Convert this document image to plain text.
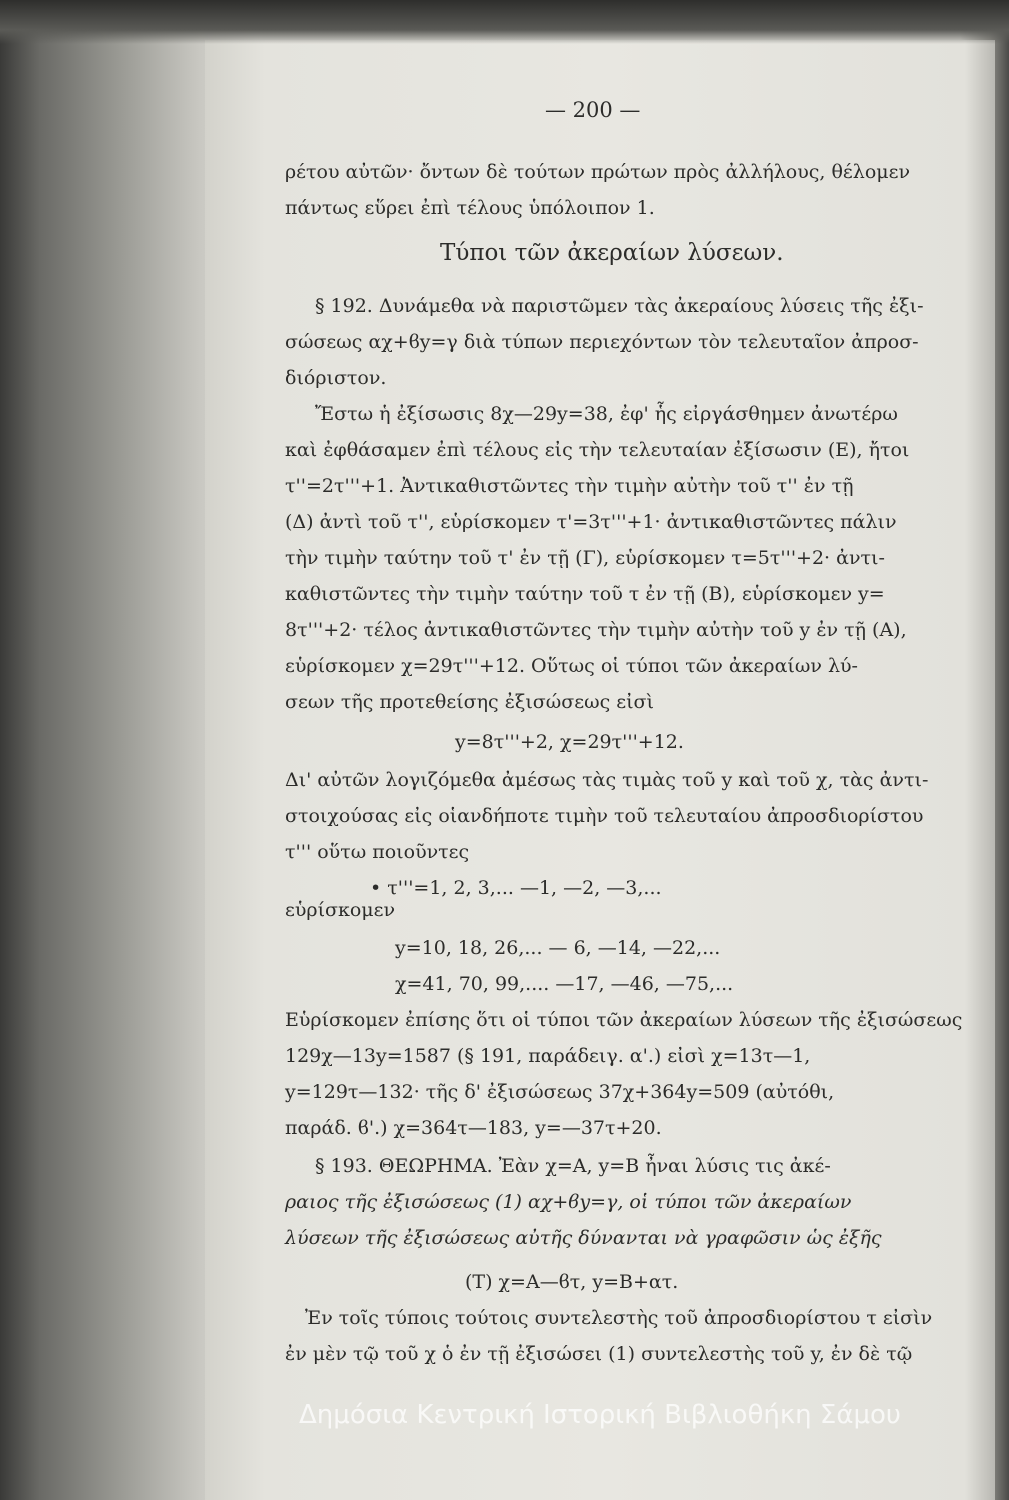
— 200 —
ρέτου αὐτῶν· ὄντων δὲ τούτων πρώτων πρὸς ἀλλήλους, θέλομεν
πάντως εὕρει ἐπὶ τέλους ὑπόλοιπον 1.
Τύποι τῶν ἀκεραίων λύσεων.
§ 192. Δυνάμεθα νὰ παριστῶμεν τὰς ἀκεραίους λύσεις τῆς ἐξι-
σώσεως αχ+ϐy=γ διὰ τύπων περιεχόντων τὸν τελευταῖον ἀπροσ-
διόριστον.
Ἔστω ἡ ἐξίσωσις 8χ—29y=38, ἐφ' ἧς εἰργάσθημεν ἀνωτέρω
καὶ ἐφθάσαμεν ἐπὶ τέλους εἰς τὴν τελευταίαν ἐξίσωσιν (Ε), ἤτοι
τ''=2τ'''+1. Ἀντικαθιστῶντες τὴν τιμὴν αὐτὴν τοῦ τ'' ἐν τῇ
(Δ) ἀντὶ τοῦ τ'', εὑρίσκομεν τ'=3τ'''+1· ἀντικαθιστῶντες πάλιν
τὴν τιμὴν ταύτην τοῦ τ' ἐν τῇ (Γ), εὑρίσκομεν τ=5τ'''+2· ἀντι-
καθιστῶντες τὴν τιμὴν ταύτην τοῦ τ ἐν τῇ (Β), εὑρίσκομεν y=
8τ'''+2· τέλος ἀντικαθιστῶντες τὴν τιμὴν αὐτὴν τοῦ y ἐν τῇ (Α),
εὑρίσκομεν χ=29τ'''+12. Οὕτως οἱ τύποι τῶν ἀκεραίων λύ-
σεων τῆς προτεθείσης ἐξισώσεως εἰσὶ
y=8τ'''+2, χ=29τ'''+12.
Δι' αὐτῶν λογιζόμεθα ἀμέσως τὰς τιμὰς τοῦ y καὶ τοῦ χ, τὰς ἀντι-
στοιχούσας εἰς οἱανδήποτε τιμὴν τοῦ τελευταίου ἀπροσδιορίστου
τ''' οὕτω ποιοῦντες
• τ'''=1, 2, 3,... —1, —2, —3,...
εὑρίσκομεν
y=10, 18, 26,... — 6, —14, —22,...
χ=41, 70, 99,.... —17, —46, —75,...
Εὑρίσκομεν ἐπίσης ὅτι οἱ τύποι τῶν ἀκεραίων λύσεων τῆς ἐξισώσεως
129χ—13y=1587 (§ 191, παράδειγ. α'.) εἰσὶ χ=13τ—1,
y=129τ—132· τῆς δ' ἐξισώσεως 37χ+364y=509 (αὐτόθι,
παράδ. ϐ'.) χ=364τ—183, y=—37τ+20.
§ 193. ΘΕΩΡΗΜΑ. Ἐὰν χ=Α, y=Β ἦναι λύσις τις ἀκέ-
ραιος τῆς ἐξισώσεως (1) αχ+ϐy=γ, οἱ τύποι τῶν ἀκεραίων
λύσεων τῆς ἐξισώσεως αὐτῆς δύνανται νὰ γραφῶσιν ὡς ἐξῆς
(Τ) χ=Α—ϐτ, y=Β+ατ.
Ἐν τοῖς τύποις τούτοις συντελεστὴς τοῦ ἀπροσδιορίστου τ εἰσὶν
ἐν μὲν τῷ τοῦ χ ὁ ἐν τῇ ἐξισώσει (1) συντελεστὴς τοῦ y, ἐν δὲ τῷ
Δημόσια Κεντρική Ιστορική Βιβλιοθήκη Σάμου
